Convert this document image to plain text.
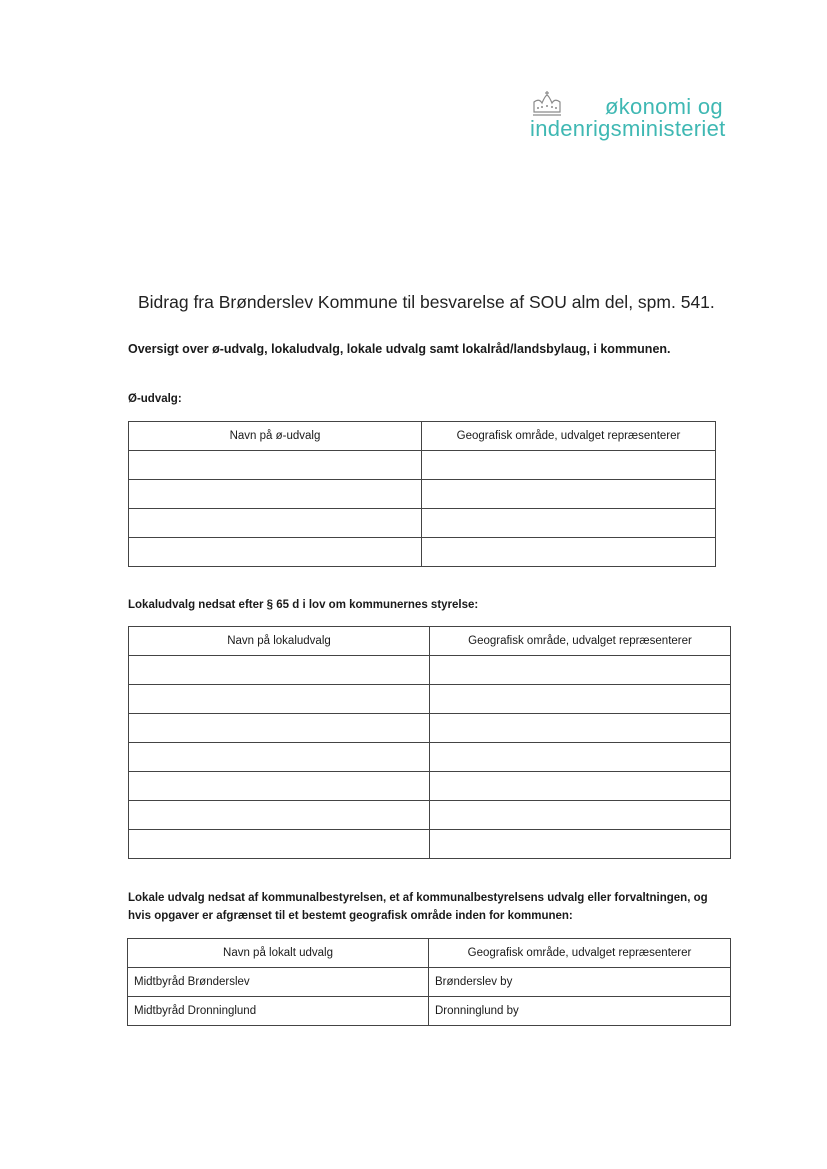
økonomi og
indenrigsministeriet
Bidrag fra Brønderslev Kommune til besvarelse af SOU alm del, spm. 541.
Oversigt over ø-udvalg, lokaludvalg, lokale udvalg samt lokalråd/landsbylaug, i kommunen.
Ø-udvalg:
Navn på ø-udvalg	Geografisk område, udvalget repræsenterer

Lokaludvalg nedsat efter § 65 d i lov om kommunernes styrelse:
Navn på lokaludvalg	Geografisk område, udvalget repræsenterer

Lokale udvalg nedsat af kommunalbestyrelsen, et af kommunalbestyrelsens udvalg eller forvaltningen, og
hvis opgaver er afgrænset til et bestemt geografisk område inden for kommunen:
Navn på lokalt udvalg	Geografisk område, udvalget repræsenterer
Midtbyråd Brønderslev	Brønderslev by
Midtbyråd Dronninglund	Dronninglund by
